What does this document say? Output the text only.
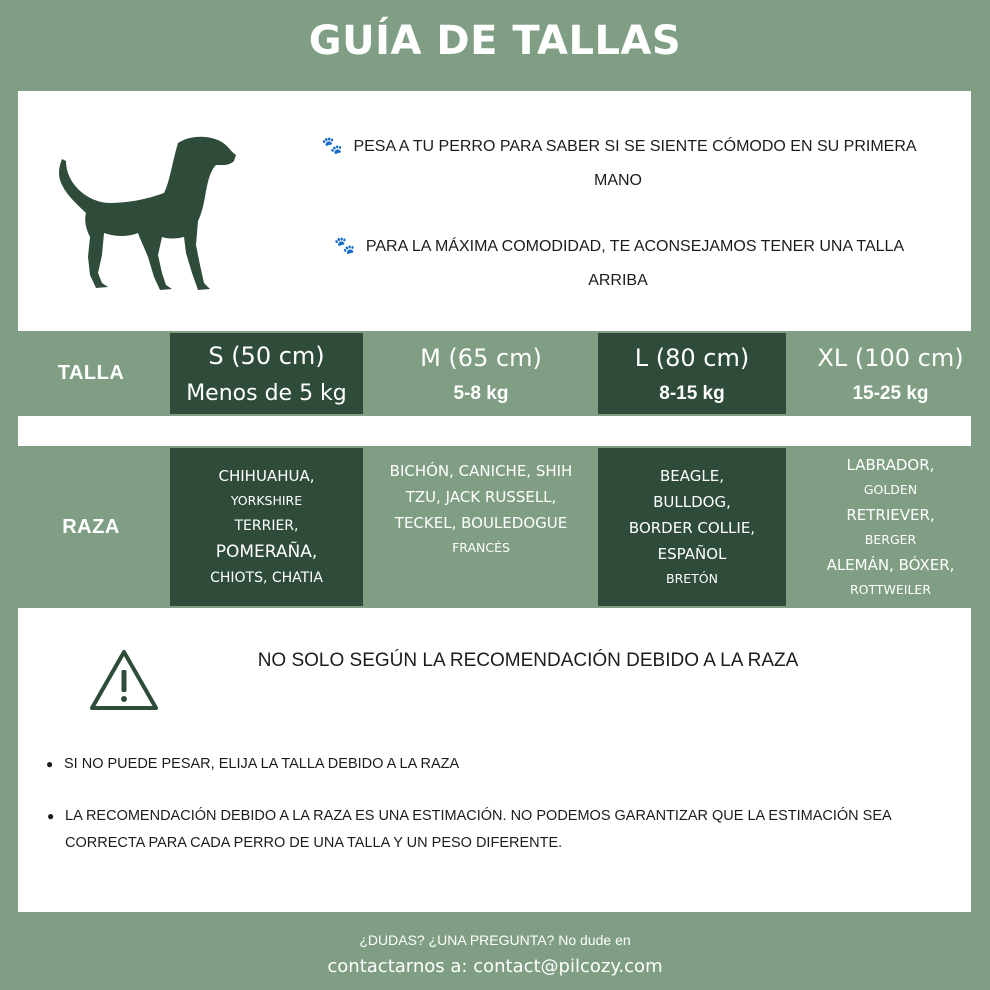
GUÍA DE TALLAS
🐾 PESA A TU PERRO PARA SABER SI SE SIENTE CÓMODO EN SU PRIMERA MANO
🐾 PARA LA MÁXIMA COMODIDAD, TE ACONSEJAMOS TENER UNA TALLA ARRIBA
TALLA
S (50 cm)
Menos de 5 kg
M (65 cm)
5-8 kg
L (80 cm)
8-15 kg
XL (100 cm)
15-25 kg
RAZA
CHIHUAHUA,
YORKSHIRE
TERRIER,
POMERAÑA,
CHIOTS, CHATIA
BICHÓN, CANICHE, SHIH
TZU, JACK RUSSELL,
TECKEL, BOULEDOGUE
FRANCÉS
BEAGLE,
BULLDOG,
BORDER COLLIE,
ESPAÑOL
BRETÓN
LABRADOR,
GOLDEN
RETRIEVER,
BERGER
ALEMÁN, BÓXER,
ROTTWEILER
NO SOLO SEGÚN LA RECOMENDACIÓN DEBIDO A LA RAZA
● SI NO PUEDE PESAR, ELIJA LA TALLA DEBIDO A LA RAZA
● LA RECOMENDACIÓN DEBIDO A LA RAZA ES UNA ESTIMACIÓN. NO PODEMOS GARANTIZAR QUE LA ESTIMACIÓN SEA CORRECTA PARA CADA PERRO DE UNA TALLA Y UN PESO DIFERENTE.
¿DUDAS? ¿UNA PREGUNTA? No dude en
contactarnos a: contact@pilcozy.com
